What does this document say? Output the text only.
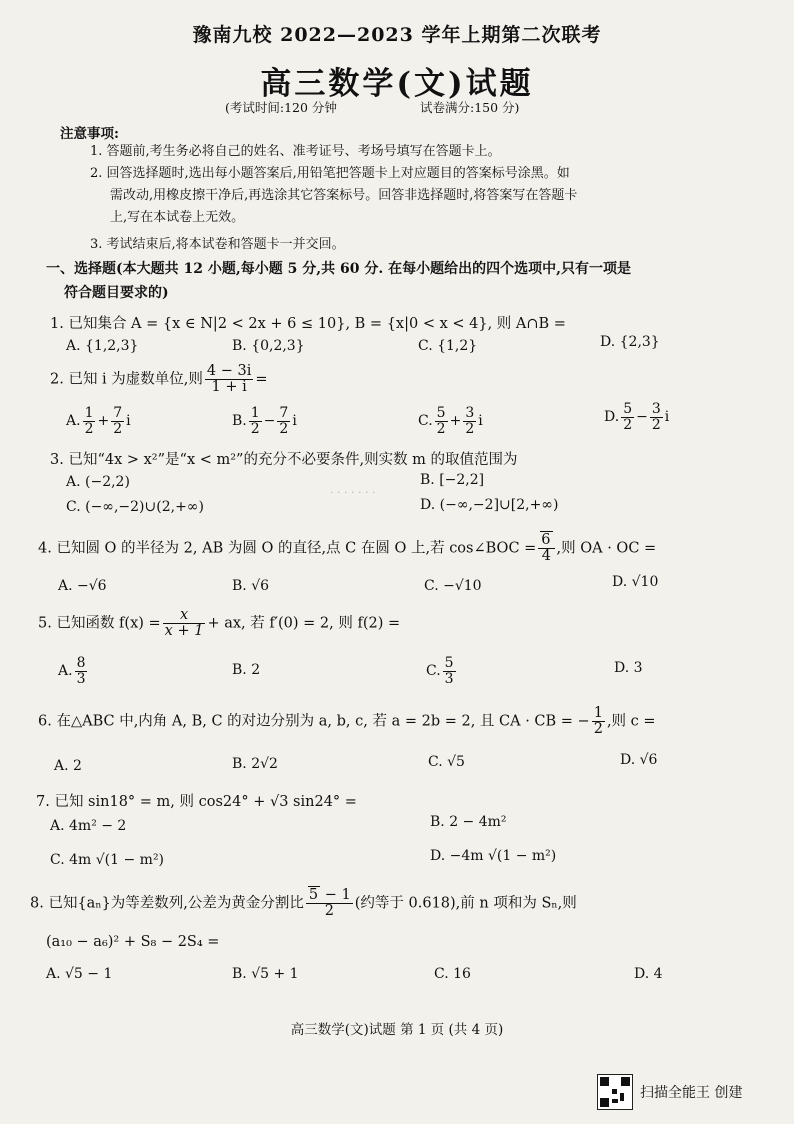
豫南九校 2022—2023 学年上期第二次联考
高三数学(文)试题
(考试时间:120 分钟	试卷满分:150 分)
注意事项:
1. 答题前,考生务必将自己的姓名、准考证号、考场号填写在答题卡上。
2. 回答选择题时,选出每小题答案后,用铅笔把答题卡上对应题目的答案标号涂黑。如
需改动,用橡皮擦干净后,再选涂其它答案标号。回答非选择题时,将答案写在答题卡
上,写在本试卷上无效。
3. 考试结束后,将本试卷和答题卡一并交回。
一、选择题(本大题共 12 小题,每小题 5 分,共 60 分. 在每小题给出的四个选项中,只有一项是
符合题目要求的)
1. 已知集合 A = {x ∈ N|2 < 2x + 6 ≤ 10}, B = {x|0 < x < 4}, 则 A∩B =
A. {1,2,3}	B. {0,2,3}	C. {1,2}	D. {2,3}
2. 已知 i 为虚数单位,则 $\frac{4 - 3i}{1 + i}$ =
A. $\frac{1}{2} + \frac{7}{2}$ i	B. $\frac{1}{2} - \frac{7}{2}$ i	C. $\frac{5}{2} + \frac{3}{2}$ i	D. $\frac{5}{2} - \frac{3}{2}$ i
3. 已知“4x > x²”是“x < m²”的充分不必要条件,则实数 m 的取值范围为
A. (−2,2)	B. [−2,2]
C. (−∞,−2)∪(2,+∞)	D. (−∞,−2]∪[2,+∞)
· · · · · · ·
4. 已知圆 O 的半径为 2, AB 为圆 O 的直径,点 C 在圆 O 上,若 cos∠BOC = $\frac{6}{4}$ ,则 OA · OC =
A. −√6	B. √6	C. −√10	D. √10
5. 已知函数 $f(x) = \frac{x}{x + 1}$ + ax, 若 f′(0) = 2, 则 f(2) =
A. $\frac{8}{3}$	B. 2	C. $\frac{5}{3}$	D. 3
6. 在△ABC 中,内角 A, B, C 的对边分别为 a, b, c, 若 a = 2b = 2, 且 CA · CB = − $\frac{1}{2}$ ,则 c =
A. 2	B. 2√2	C. √5	D. √6
7. 已知 sin18° = m, 则 cos24° + √3 sin24° =
A. 4m² − 2	B. 2 − 4m²
C. 4m √(1 − m²)	D. −4m √(1 − m²)
8. 已知{aₙ}为等差数列,公差为黄金分割比 $\frac{5 - 1}{2}$ (约等于 0.618),前 n 项和为 Sₙ,则
(a₁₀ − a₆)² + S₈ − 2S₄ =
A. √5 − 1	B. √5 + 1	C. 16	D. 4
高三数学(文)试题 第 1 页 (共 4 页)
扫描全能王 创建
